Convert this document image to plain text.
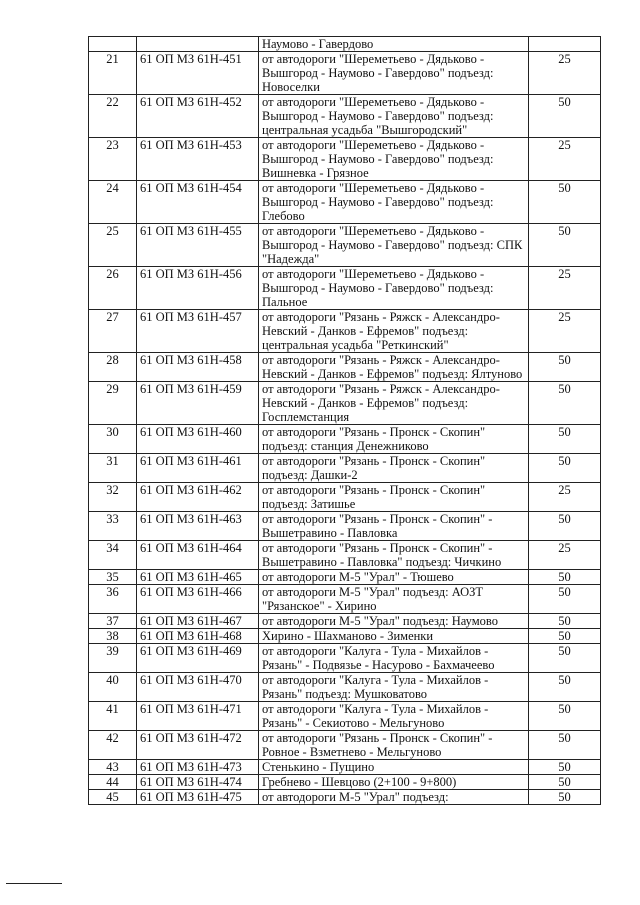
		Наумово - Гавердово	
21	61 ОП МЗ 61Н-451	от автодороги "Шереметьево - Дядьково - Вышгород - Наумово - Гавердово" подъезд: Новоселки	25
22	61 ОП МЗ 61Н-452	от автодороги "Шереметьево - Дядьково - Вышгород - Наумово - Гавердово" подъезд: центральная усадьба "Вышгородский"	50
23	61 ОП МЗ 61Н-453	от автодороги "Шереметьево - Дядьково - Вышгород - Наумово - Гавердово" подъезд: Вишневка - Грязное	25
24	61 ОП МЗ 61Н-454	от автодороги "Шереметьево - Дядьково - Вышгород - Наумово - Гавердово" подъезд: Глебово	50
25	61 ОП МЗ 61Н-455	от автодороги "Шереметьево - Дядьково - Вышгород - Наумово - Гавердово" подъезд: СПК "Надежда"	50
26	61 ОП МЗ 61Н-456	от автодороги "Шереметьево - Дядьково - Вышгород - Наумово - Гавердово" подъезд: Пальное	25
27	61 ОП МЗ 61Н-457	от автодороги "Рязань - Ряжск - Александро-Невский - Данков - Ефремов" подъезд: центральная усадьба "Реткинский"	25
28	61 ОП МЗ 61Н-458	от автодороги "Рязань - Ряжск - Александро-Невский - Данков - Ефремов" подъезд: Ялтуново	50
29	61 ОП МЗ 61Н-459	от автодороги "Рязань - Ряжск - Александро-Невский - Данков - Ефремов" подъезд: Госплемстанция	50
30	61 ОП МЗ 61Н-460	от автодороги "Рязань - Пронск - Скопин" подъезд: станция Денежниково	50
31	61 ОП МЗ 61Н-461	от автодороги "Рязань - Пронск - Скопин" подъезд: Дашки-2	50
32	61 ОП МЗ 61Н-462	от автодороги "Рязань - Пронск - Скопин" подъезд: Затишье	25
33	61 ОП МЗ 61Н-463	от автодороги "Рязань - Пронск - Скопин" - Вышетравино - Павловка	50
34	61 ОП МЗ 61Н-464	от автодороги "Рязань - Пронск - Скопин" - Вышетравино - Павловка" подъезд: Чичкино	25
35	61 ОП МЗ 61Н-465	от автодороги М-5 "Урал" - Тюшево	50
36	61 ОП МЗ 61Н-466	от автодороги М-5 "Урал" подъезд: АОЗТ "Рязанское" - Хирино	50
37	61 ОП МЗ 61Н-467	от автодороги М-5 "Урал" подъезд: Наумово	50
38	61 ОП МЗ 61Н-468	Хирино - Шахманово - Зименки	50
39	61 ОП МЗ 61Н-469	от автодороги "Калуга - Тула - Михайлов - Рязань" - Подвязье - Насурово - Бахмачеево	50
40	61 ОП МЗ 61Н-470	от автодороги "Калуга - Тула - Михайлов - Рязань" подъезд: Мушковатово	50
41	61 ОП МЗ 61Н-471	от автодороги "Калуга - Тула - Михайлов - Рязань" - Секиотово - Мельгуново	50
42	61 ОП МЗ 61Н-472	от автодороги "Рязань - Пронск - Скопин" - Ровное - Взметнево - Мельгуново	50
43	61 ОП МЗ 61Н-473	Стенькино - Пущино	50
44	61 ОП МЗ 61Н-474	Гребнево - Шевцово (2+100 - 9+800)	50
45	61 ОП МЗ 61Н-475	от автодороги М-5 "Урал" подъезд:	50
